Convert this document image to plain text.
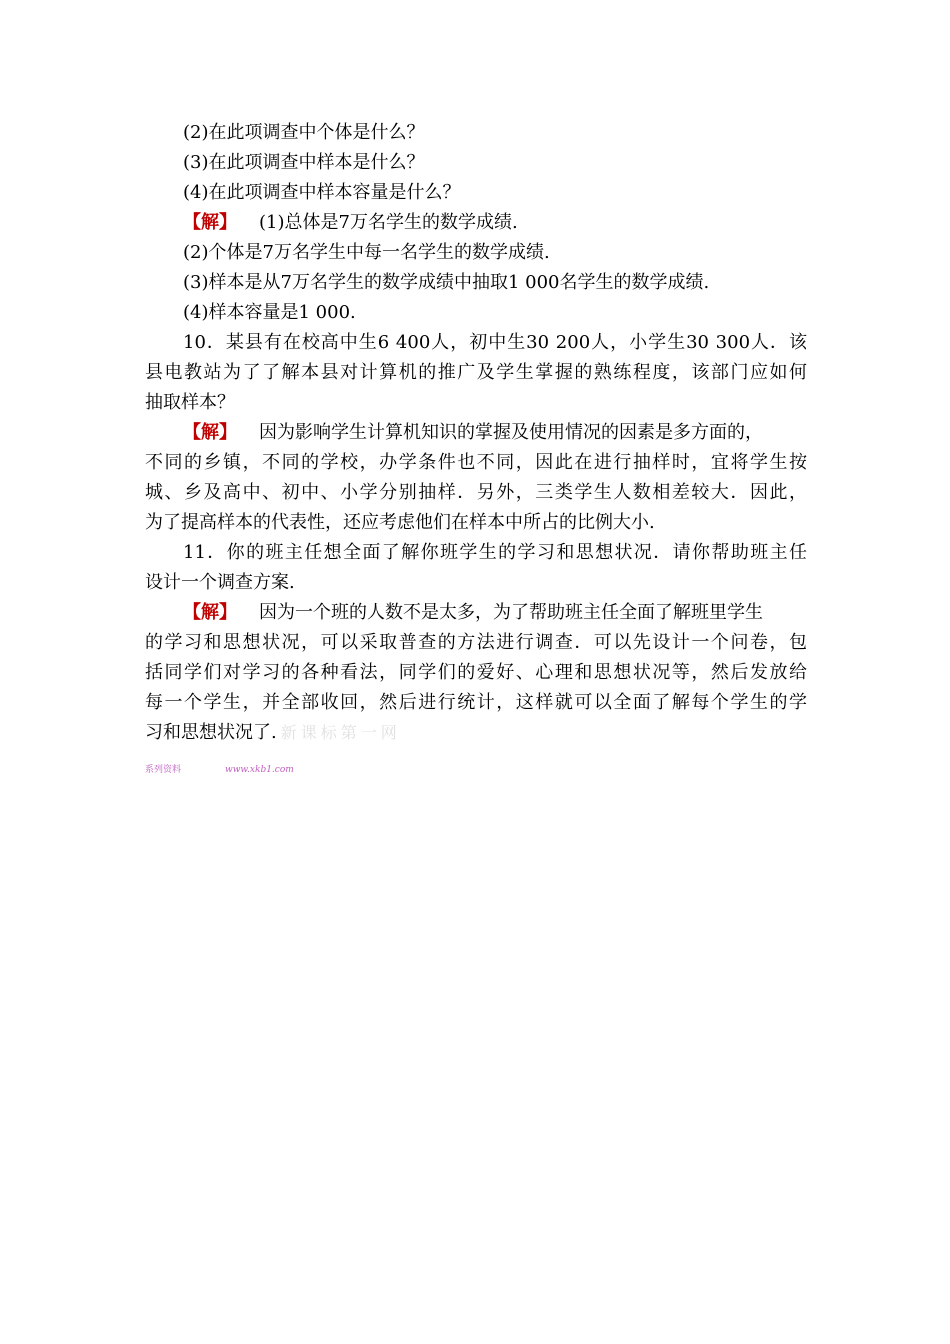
(2)在此项调查中个体是什么？
(3)在此项调查中样本是什么？
(4)在此项调查中样本容量是什么？
【解】 (1)总体是7万名学生的数学成绩.
(2)个体是7万名学生中每一名学生的数学成绩.
(3)样本是从7万名学生的数学成绩中抽取1 000名学生的数学成绩.
(4)样本容量是1 000.
10．某县有在校高中生6 400人，初中生30 200人，小学生30 300人．该
县电教站为了了解本县对计算机的推广及学生掌握的熟练程度，该部门应如何
抽取样本？
【解】 因为影响学生计算机知识的掌握及使用情况的因素是多方面的，
不同的乡镇，不同的学校，办学条件也不同，因此在进行抽样时，宜将学生按
城、乡及高中、初中、小学分别抽样．另外，三类学生人数相差较大．因此，
为了提高样本的代表性，还应考虑他们在样本中所占的比例大小.
11．你的班主任想全面了解你班学生的学习和思想状况．请你帮助班主任
设计一个调查方案.
【解】 因为一个班的人数不是太多，为了帮助班主任全面了解班里学生
的学习和思想状况，可以采取普查的方法进行调查．可以先设计一个问卷，包
括同学们对学习的各种看法，同学们的爱好、心理和思想状况等，然后发放给
每一个学生，并全部收回，然后进行统计，这样就可以全面了解每个学生的学
习和思想状况了. 新课标第一网
系列资料	www.xkb1.com
